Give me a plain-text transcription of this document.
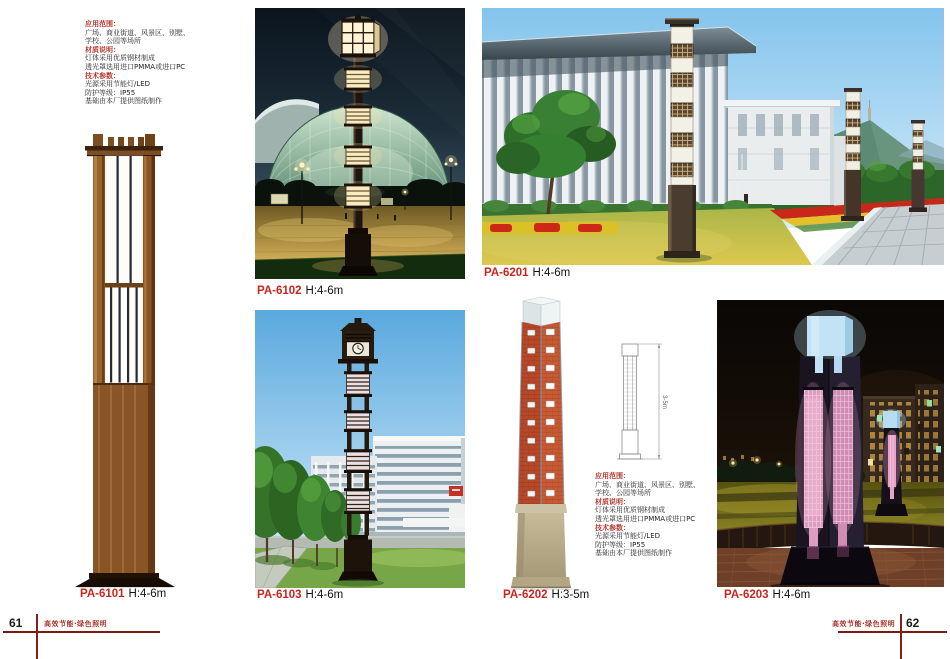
应用范围：
广场、商业街道、风景区、别墅、
学校、公园等场所
材质说明：
灯体采用优质钢材制成
透光罩选用进口PMMA或进口PC
技术参数：
光源采用节能灯/LED
防护等级：IP55
基础由本厂提供图纸制作
PA-6101 H:4-6m
PA-6102 H:4-6m
PA-6103 H:4-6m
PA-6201 H:4-6m
PA-6202 H:3-5m
3-5m
应用范围：
广场、商业街道、风景区、别墅、
学校、公园等场所
材质说明：
灯体采用优质钢材制成
透光罩选用进口PMMA或进口PC
技术参数：
光源采用节能灯/LED
防护等级：IP55
基础由本厂提供图纸制作
PA-6203 H:4-6m
61	高效节能·绿色照明	高效节能·绿色照明 62
